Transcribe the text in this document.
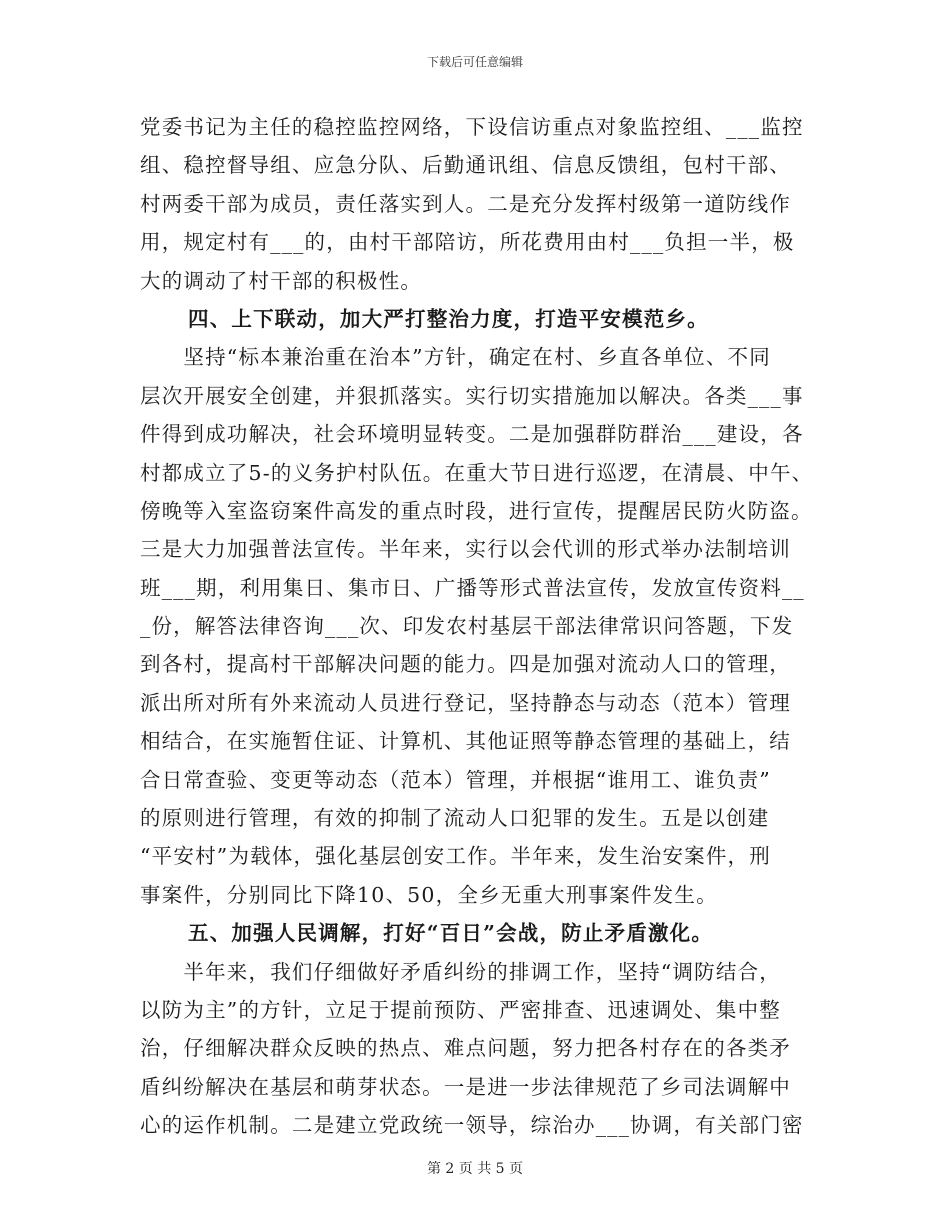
下载后可任意编辑
党委书记为主任的稳控监控网络，下设信访重点对象监控组、___监控
组、稳控督导组、应急分队、后勤通讯组、信息反馈组，包村干部、
村两委干部为成员，责任落实到人。二是充分发挥村级第一道防线作
用，规定村有___的，由村干部陪访，所花费用由村___负担一半，极
大的调动了村干部的积极性。
四、上下联动，加大严打整治力度，打造平安模范乡。
　　坚持“标本兼治重在治本”方针，确定在村、乡直各单位、不同
层次开展安全创建，并狠抓落实。实行切实措施加以解决。各类___事
件得到成功解决，社会环境明显转变。二是加强群防群治___建设，各
村都成立了5-的义务护村队伍。在重大节日进行巡逻，在清晨、中午、
傍晚等入室盗窃案件高发的重点时段，进行宣传，提醒居民防火防盗。
三是大力加强普法宣传。半年来，实行以会代训的形式举办法制培训
班___期，利用集日、集市日、广播等形式普法宣传，发放宣传资料__
_份，解答法律咨询___次、印发农村基层干部法律常识问答题，下发
到各村，提高村干部解决问题的能力。四是加强对流动人口的管理，
派出所对所有外来流动人员进行登记，坚持静态与动态（范本）管理
相结合，在实施暂住证、计算机、其他证照等静态管理的基础上，结
合日常查验、变更等动态（范本）管理，并根据“谁用工、谁负责”
的原则进行管理，有效的抑制了流动人口犯罪的发生。五是以创建
“平安村”为载体，强化基层创安工作。半年来，发生治安案件，刑
事案件，分别同比下降10、50，全乡无重大刑事案件发生。
五、加强人民调解，打好“百日”会战，防止矛盾激化。
　　半年来，我们仔细做好矛盾纠纷的排调工作，坚持“调防结合，
以防为主”的方针，立足于提前预防、严密排查、迅速调处、集中整
治，仔细解决群众反映的热点、难点问题，努力把各村存在的各类矛
盾纠纷解决在基层和萌芽状态。一是进一步法律规范了乡司法调解中
心的运作机制。二是建立党政统一领导，综治办___协调，有关部门密
第 2 页 共 5 页
